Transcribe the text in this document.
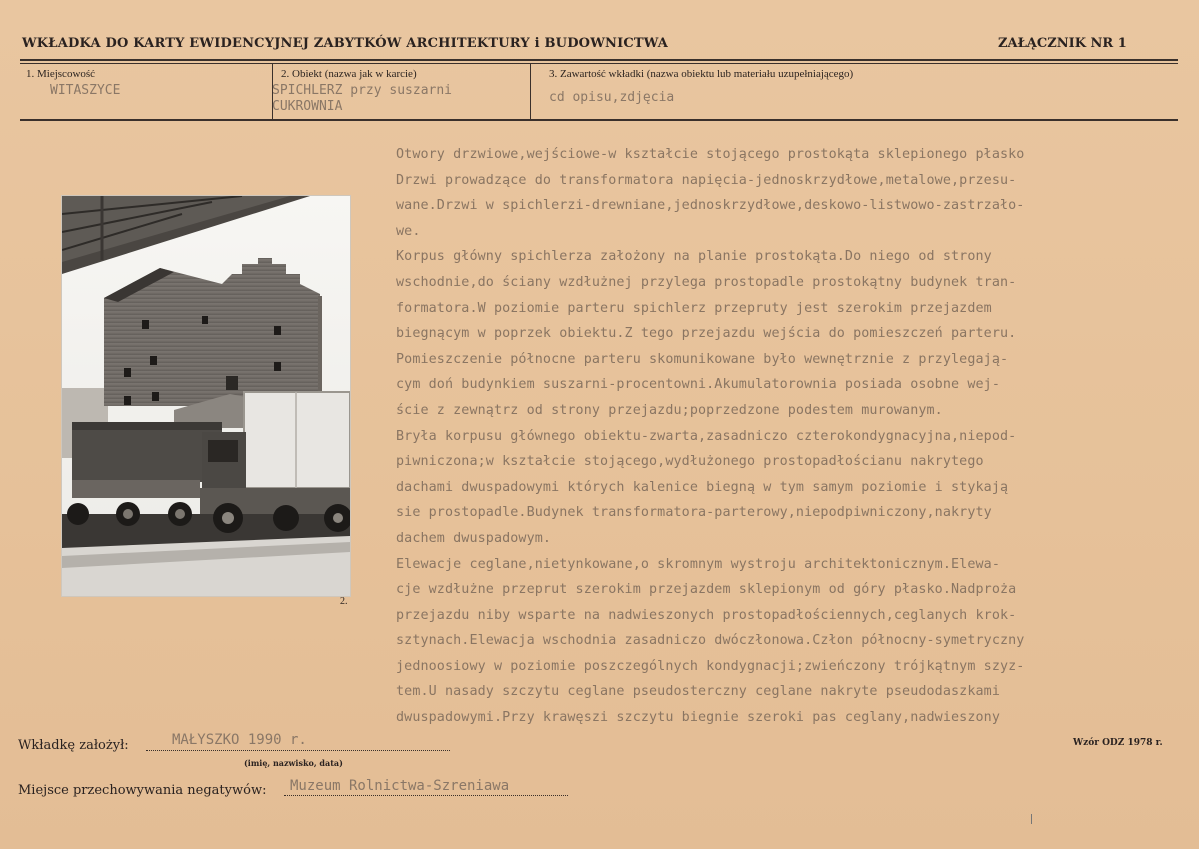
WKŁADKA DO KARTY EWIDENCYJNEJ ZABYTKÓW ARCHITEKTURY i BUDOWNICTWA	ZAŁĄCZNIK NR 1
1. Miejscowość
WITASZYCE
2. Obiekt (nazwa jak w karcie)
SPICHLERZ przy suszarni
CUKROWNIA
3. Zawartość wkładki (nazwa obiektu lub materiału uzupełniającego)
cd opisu,zdjęcia
2.
Otwory drzwiowe,wejściowe-w kształcie stojącego prostokąta sklepionego płasko
Drzwi prowadzące do transformatora napięcia-jednoskrzydłowe,metalowe,przesu-
wane.Drzwi w spichlerzi-drewniane,jednoskrzydłowe,deskowo-listwowo-zastrzało-
we.
Korpus główny spichlerza założony na planie prostokąta.Do niego od strony
wschodnie,do ściany wzdłużnej przylega prostopadle prostokątny budynek tran-
formatora.W poziomie parteru spichlerz przepruty jest szerokim przejazdem
biegnącym w poprzek obiektu.Z tego przejazdu wejścia do pomieszczeń parteru.
Pomieszczenie północne parteru skomunikowane było wewnętrznie z przylegają-
cym doń budynkiem suszarni-procentowni.Akumulatorownia posiada osobne wej-
ście z zewnątrz od strony przejazdu;poprzedzone podestem murowanym.
Bryła korpusu głównego obiektu-zwarta,zasadniczo czterokondygnacyjna,niepod-
piwniczona;w kształcie stojącego,wydłużonego prostopadłościanu nakrytego
dachami dwuspadowymi których kalenice biegną w tym samym poziomie i stykają
sie prostopadle.Budynek transformatora-parterowy,niepodpiwniczony,nakryty
dachem dwuspadowym.
Elewacje ceglane,nietynkowane,o skromnym wystroju architektonicznym.Elewa-
cje wzdłużne przeprut szerokim przejazdem sklepionym od góry płasko.Nadproża
przejazdu niby wsparte na nadwieszonych prostopadłościennych,ceglanych krok-
sztynach.Elewacja wschodnia zasadniczo dwóczłonowa.Człon północny-symetryczny
jednoosiowy w poziomie poszczególnych kondygnacji;zwieńczony trójkątnym szyz-
tem.U nasady szczytu ceglane pseudosterczny ceglane nakryte pseudodaszkami
dwuspadowymi.Przy krawęszi szczytu biegnie szeroki pas ceglany,nadwieszony
Wkładkę założył:	MAŁYSZKO 1990 r.
(imię, nazwisko, data)
Miejsce przechowywania negatywów: Muzeum Rolnictwa-Szreniawa
Wzór ODZ 1978 r.
